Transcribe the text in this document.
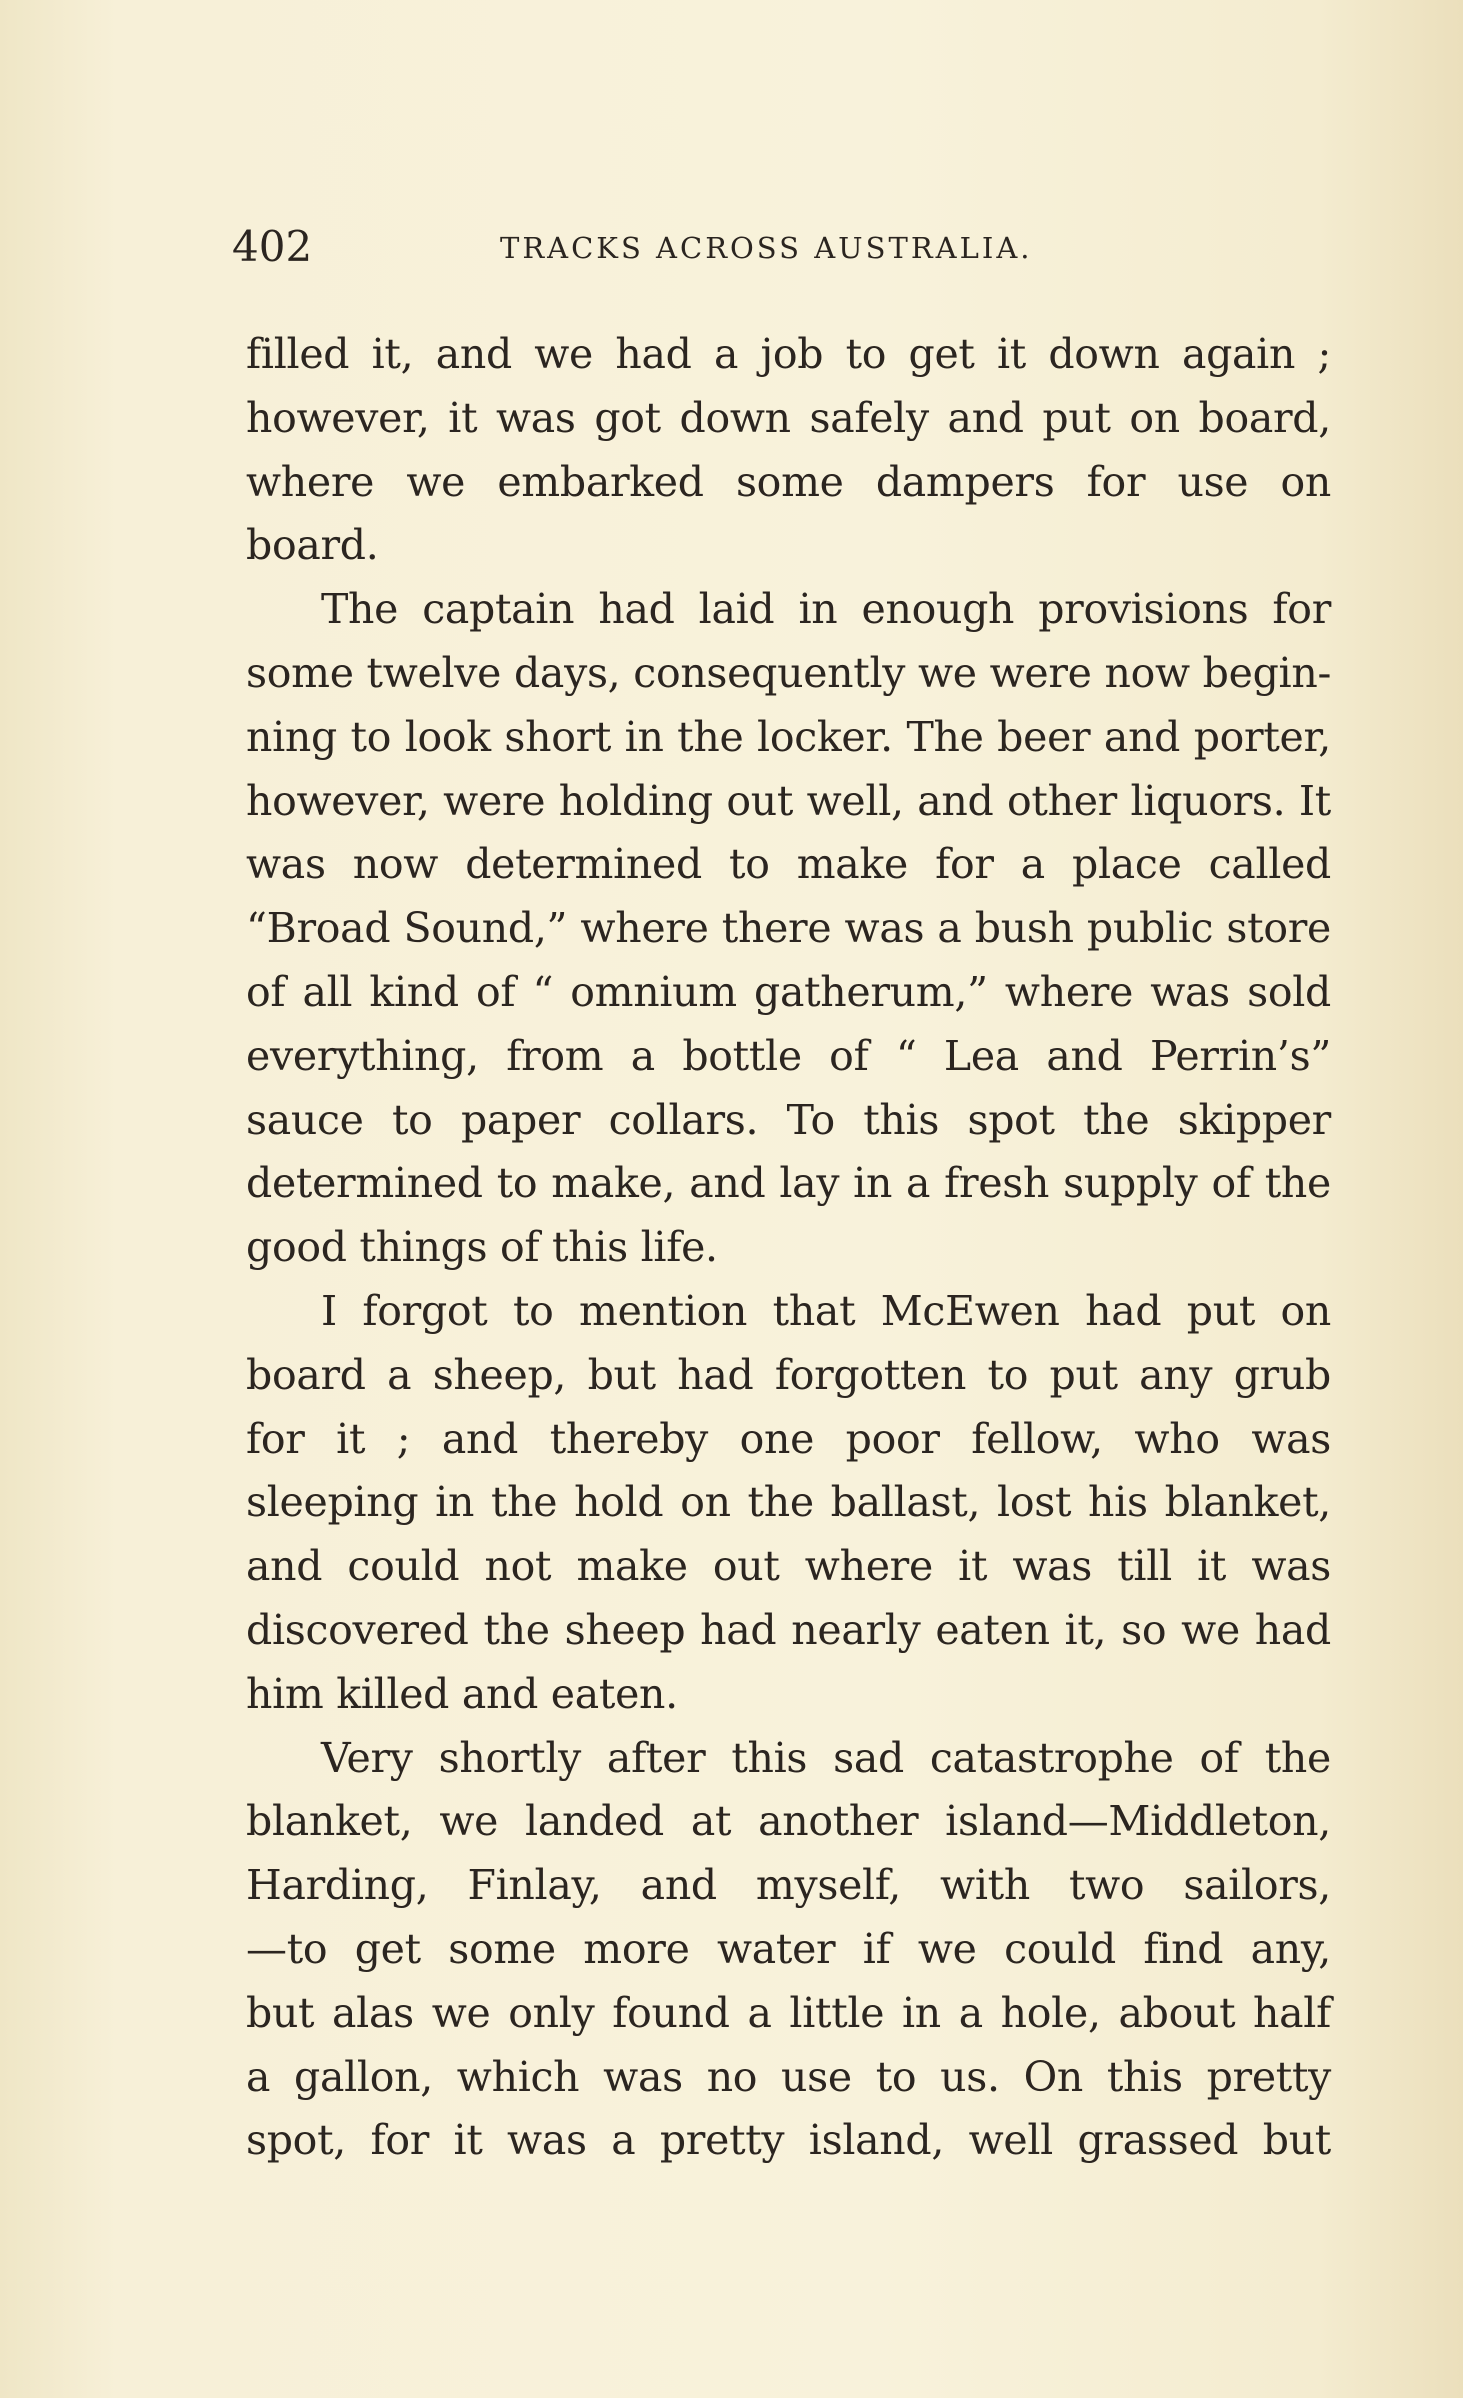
402	TRACKS ACROSS AUSTRALIA.
filled it, and we had a job to get it down again ;
however, it was got down safely and put on board,
where we embarked some dampers for use on
board.
The captain had laid in enough provisions for
some twelve days, consequently we were now begin-
ning to look short in the locker. The beer and porter,
however, were holding out well, and other liquors. It
was now determined to make for a place called
“Broad Sound,” where there was a bush public store
of all kind of “ omnium gatherum,” where was sold
everything, from a bottle of “ Lea and Perrin’s”
sauce to paper collars. To this spot the skipper
determined to make, and lay in a fresh supply of the
good things of this life.
I forgot to mention that McEwen had put on
board a sheep, but had forgotten to put any grub
for it ; and thereby one poor fellow, who was
sleeping in the hold on the ballast, lost his blanket,
and could not make out where it was till it was
discovered the sheep had nearly eaten it, so we had
him killed and eaten.
Very shortly after this sad catastrophe of the
blanket, we landed at another island—Middleton,
Harding, Finlay, and myself, with two sailors,
—to get some more water if we could find any,
but alas we only found a little in a hole, about half
a gallon, which was no use to us. On this pretty
spot, for it was a pretty island, well grassed but
